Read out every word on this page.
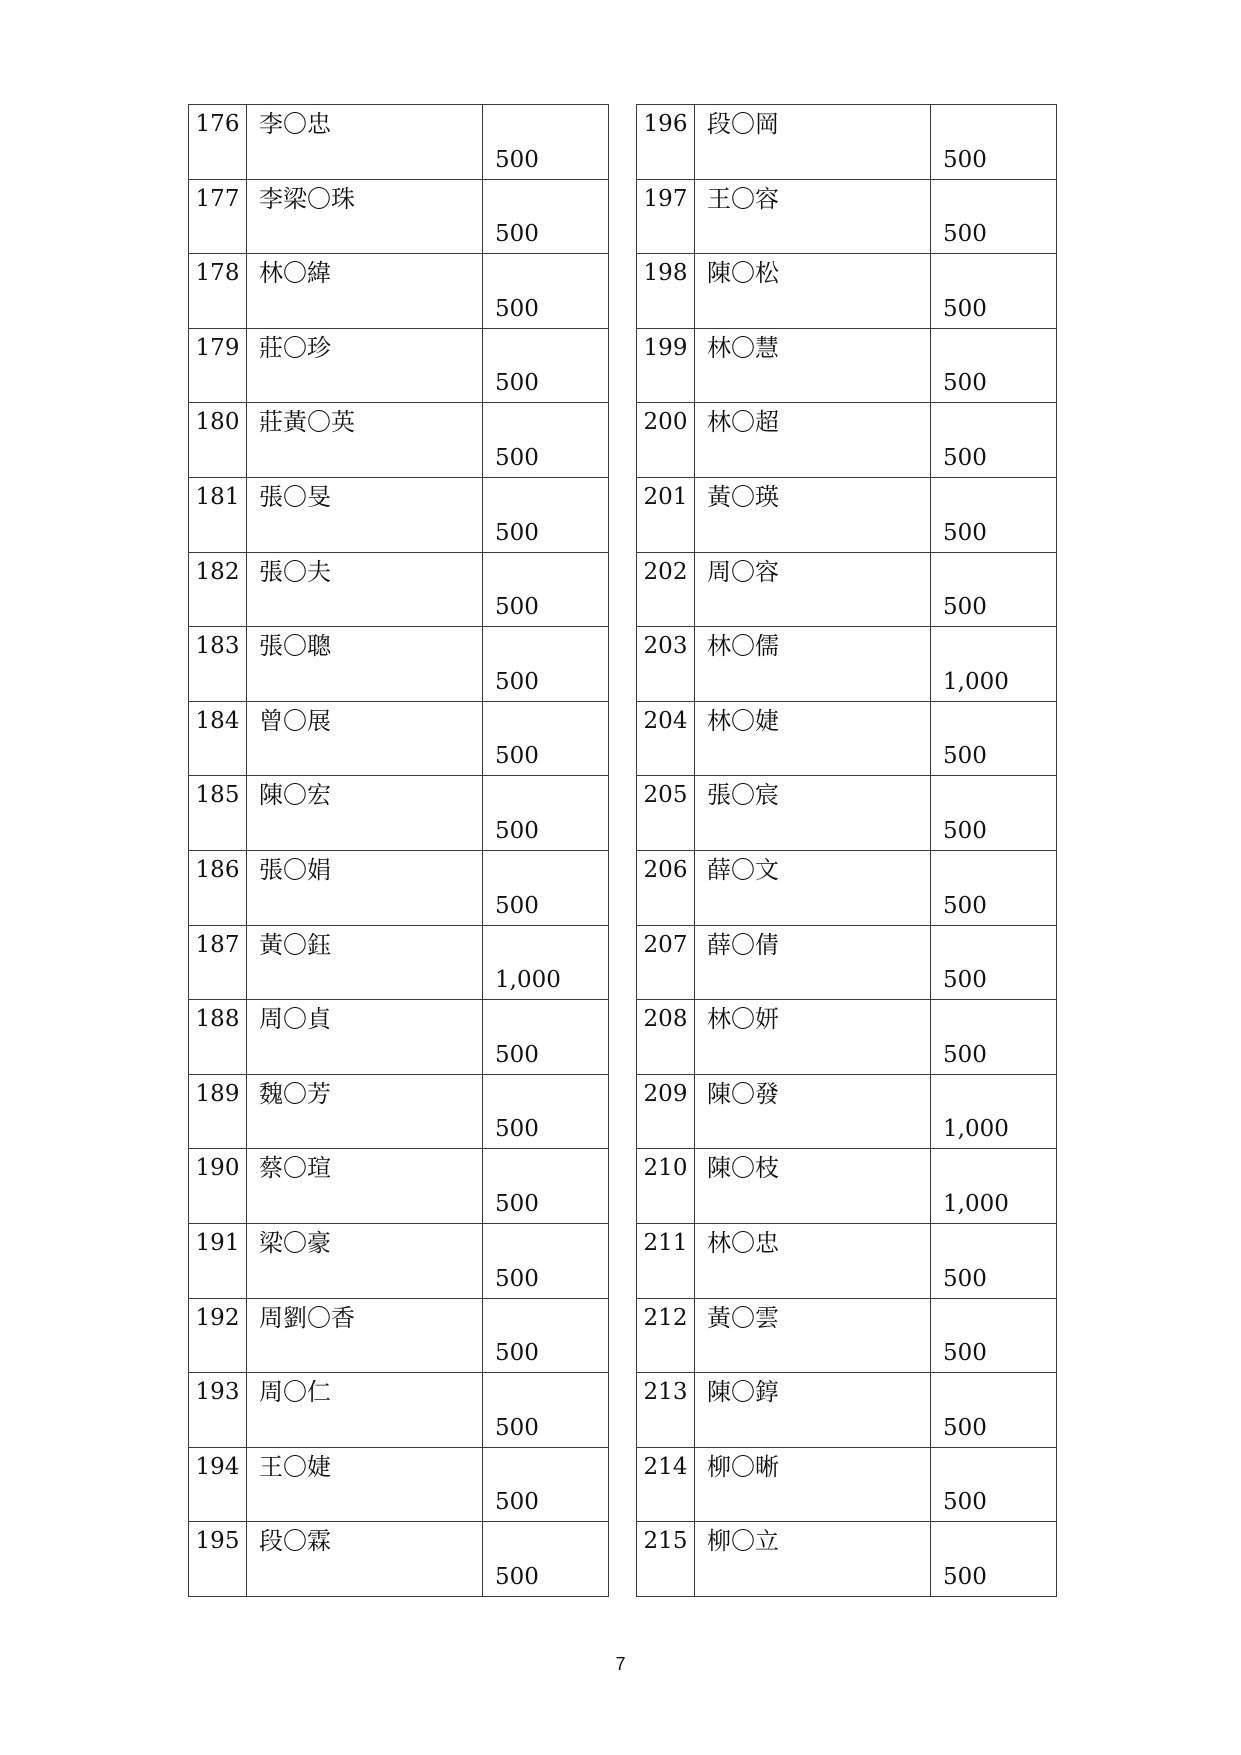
176	李〇忠	500

177	李梁〇珠	500

178	林〇緯	500

179	莊〇珍	500

180	莊黃〇英	500

181	張〇旻	500

182	張〇夫	500

183	張〇聰	500

184	曾〇展	500

185	陳〇宏	500

186	張〇娟	500

187	黃〇鈺	1,000

188	周〇貞	500

189	魏〇芳	500

190	蔡〇瑄	500

191	梁〇豪	500

192	周劉〇香	500

193	周〇仁	500

194	王〇婕	500

195	段〇霖	500
196	段〇岡	500

197	王〇容	500

198	陳〇松	500

199	林〇慧	500

200	林〇超	500

201	黃〇瑛	500

202	周〇容	500

203	林〇儒	1,000

204	林〇婕	500

205	張〇宸	500

206	薛〇文	500

207	薛〇倩	500

208	林〇妍	500

209	陳〇發	1,000

210	陳〇枝	1,000

211	林〇忠	500

212	黃〇雲	500

213	陳〇錞	500

214	柳〇晰	500

215	柳〇立	500
7
